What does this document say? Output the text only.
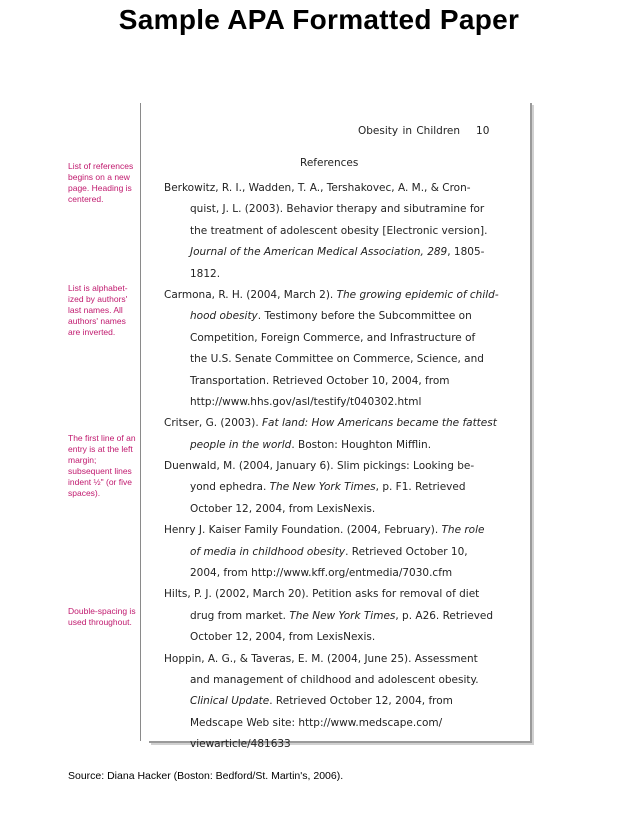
Sample APA Formatted Paper
Obesity in Children 10
References
Berkowitz, R. I., Wadden, T. A., Tershakovec, A. M., & Cron-
quist, J. L. (2003). Behavior therapy and sibutramine for
the treatment of adolescent obesity [Electronic version].
Journal of the American Medical Association, 289, 1805-
1812.
Carmona, R. H. (2004, March 2). The growing epidemic of child-
hood obesity. Testimony before the Subcommittee on
Competition, Foreign Commerce, and Infrastructure of
the U.S. Senate Committee on Commerce, Science, and
Transportation. Retrieved October 10, 2004, from
http://www.hhs.gov/asl/testify/t040302.html
Critser, G. (2003). Fat land: How Americans became the fattest
people in the world. Boston: Houghton Mifflin.
Duenwald, M. (2004, January 6). Slim pickings: Looking be-
yond ephedra. The New York Times, p. F1. Retrieved
October 12, 2004, from LexisNexis.
Henry J. Kaiser Family Foundation. (2004, February). The role
of media in childhood obesity. Retrieved October 10,
2004, from http://www.kff.org/entmedia/7030.cfm
Hilts, P. J. (2002, March 20). Petition asks for removal of diet
drug from market. The New York Times, p. A26. Retrieved
October 12, 2004, from LexisNexis.
Hoppin, A. G., & Taveras, E. M. (2004, June 25). Assessment
and management of childhood and adolescent obesity.
Clinical Update. Retrieved October 12, 2004, from
Medscape Web site: http://www.medscape.com/
viewarticle/481633
List of references begins on a new page. Heading is centered.
List is alphabet-ized by authors' last names. All authors' names are inverted.
The first line of an entry is at the left margin; subsequent lines indent ½" (or five spaces).
Double-spacing is used throughout.
Source: Diana Hacker (Boston: Bedford/St. Martin's, 2006).
